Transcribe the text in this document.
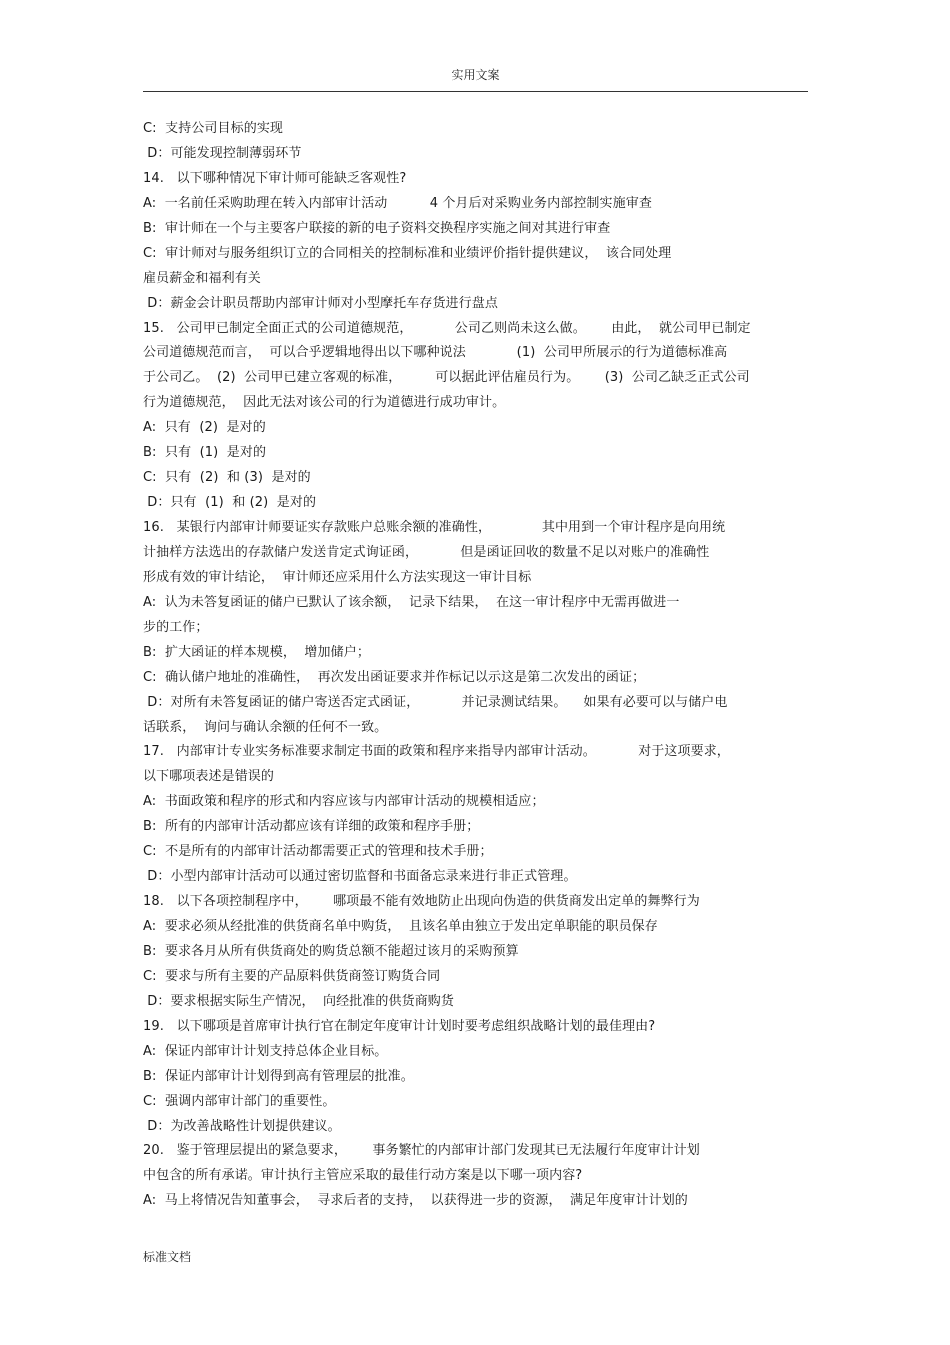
实用文案
C:  支持公司目标的实现
D：可能发现控制薄弱环节
14.   以下哪种情况下审计师可能缺乏客观性?
A:  一名前任采购助理在转入内部审计活动          4 个月后对采购业务内部控制实施审查
B:  审计师在一个与主要客户联接的新的电子资料交换程序实施之间对其进行审查
C:  审计师对与服务组织订立的合同相关的控制标准和业绩评价指针提供建议，  该合同处理
雇员薪金和福利有关
D：薪金会计职员帮助内部审计师对小型摩托车存货进行盘点
15.   公司甲已制定全面正式的公司道德规范，          公司乙则尚未这么做。      由此，  就公司甲已制定
公司道德规范而言，  可以合乎逻辑地得出以下哪种说法            (1)  公司甲所展示的行为道德标准高
于公司乙。  (2)  公司甲已建立客观的标准，        可以据此评估雇员行为。      (3)  公司乙缺乏正式公司
行为道德规范，  因此无法对该公司的行为道德进行成功审计。
A:  只有  (2)  是对的
B:  只有  (1)  是对的
C:  只有  (2)  和 (3)  是对的
D：只有  (1)  和 (2)  是对的
16.   某银行内部审计师要证实存款账户总账余额的准确性，            其中用到一个审计程序是向用统
计抽样方法选出的存款储户发送肯定式询证函，          但是函证回收的数量不足以对账户的准确性
形成有效的审计结论，  审计师还应采用什么方法实现这一审计目标
A:  认为未答复函证的储户已默认了该余额，  记录下结果，  在这一审计程序中无需再做进一
步的工作；
B:  扩大函证的样本规模，  增加储户；
C:  确认储户地址的准确性，  再次发出函证要求并作标记以示这是第二次发出的函证；
D：对所有未答复函证的储户寄送否定式函证，          并记录测试结果。    如果有必要可以与储户电
话联系，  询问与确认余额的任何不一致。
17.   内部审计专业实务标准要求制定书面的政策和程序来指导内部审计活动。          对于这项要求，
以下哪项表述是错误的
A:  书面政策和程序的形式和内容应该与内部审计活动的规模相适应；
B:  所有的内部审计活动都应该有详细的政策和程序手册；
C:  不是所有的内部审计活动都需要正式的管理和技术手册；
D：小型内部审计活动可以通过密切监督和书面备忘录来进行非正式管理。
18.   以下各项控制程序中，      哪项最不能有效地防止出现向伪造的供货商发出定单的舞弊行为
A:  要求必须从经批准的供货商名单中购货，  且该名单由独立于发出定单职能的职员保存
B:  要求各月从所有供货商处的购货总额不能超过该月的采购预算
C:  要求与所有主要的产品原料供货商签订购货合同
D：要求根据实际生产情况，  向经批准的供货商购货
19.   以下哪项是首席审计执行官在制定年度审计计划时要考虑组织战略计划的最佳理由?
A:  保证内部审计计划支持总体企业目标。
B:  保证内部审计计划得到高有管理层的批准。
C:  强调内部审计部门的重要性。
D：为改善战略性计划提供建议。
20.   鉴于管理层提出的紧急要求，      事务繁忙的内部审计部门发现其已无法履行年度审计计划
中包含的所有承诺。审计执行主管应采取的最佳行动方案是以下哪一项内容?
A:  马上将情况告知董事会，  寻求后者的支持，  以获得进一步的资源，  满足年度审计计划的
标准文档
